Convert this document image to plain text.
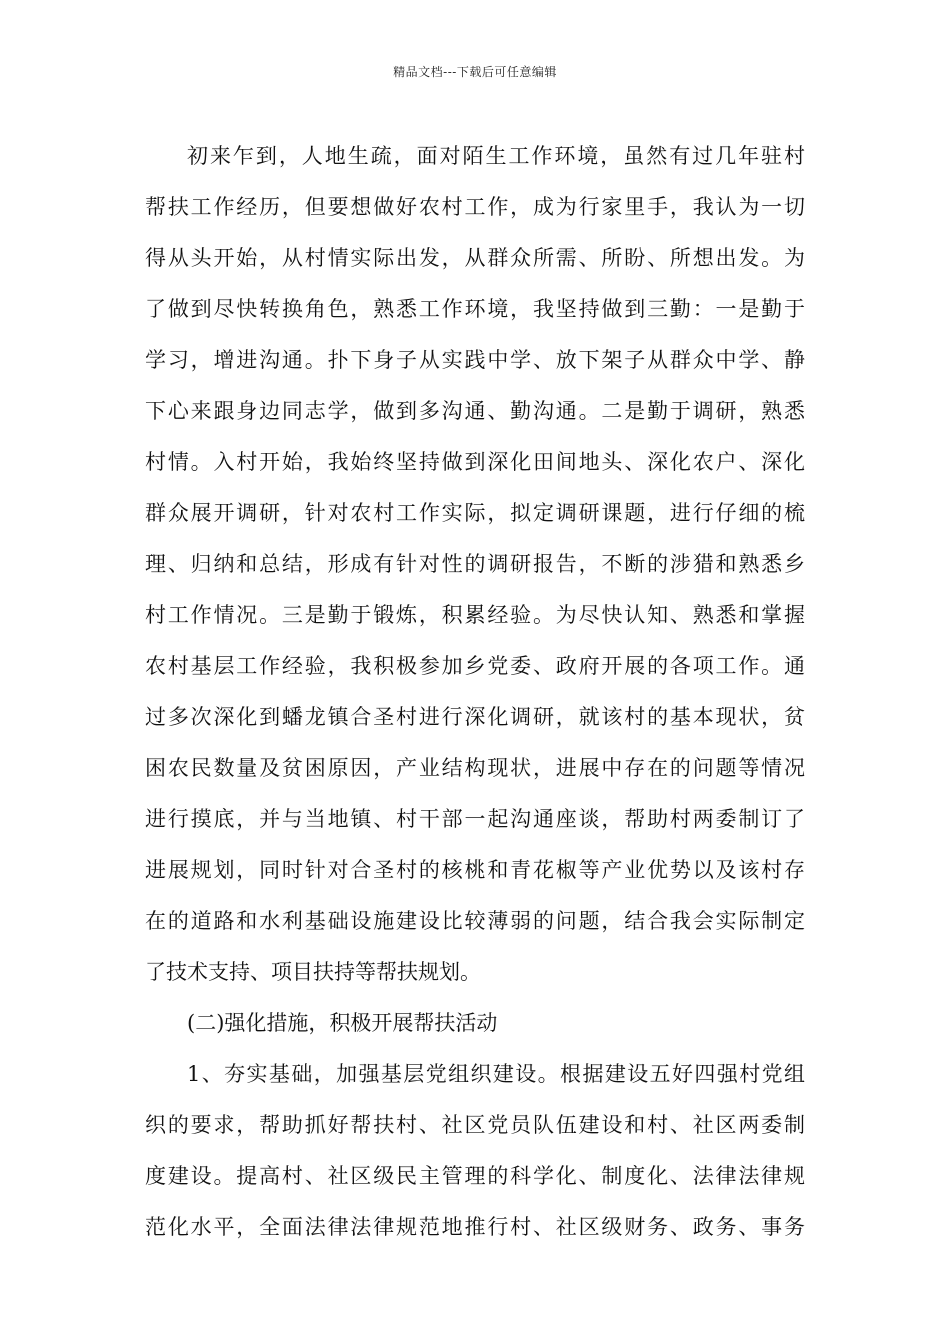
精品文档---下载后可任意编辑
初来乍到，人地生疏，面对陌生工作环境，虽然有过几年驻村
帮扶工作经历，但要想做好农村工作，成为行家里手，我认为一切
得从头开始，从村情实际出发，从群众所需、所盼、所想出发。为
了做到尽快转换角色，熟悉工作环境，我坚持做到三勤：一是勤于
学习，增进沟通。扑下身子从实践中学、放下架子从群众中学、静
下心来跟身边同志学，做到多沟通、勤沟通。二是勤于调研，熟悉
村情。入村开始，我始终坚持做到深化田间地头、深化农户、深化
群众展开调研，针对农村工作实际，拟定调研课题，进行仔细的梳
理、归纳和总结，形成有针对性的调研报告，不断的涉猎和熟悉乡
村工作情况。三是勤于锻炼，积累经验。为尽快认知、熟悉和掌握
农村基层工作经验，我积极参加乡党委、政府开展的各项工作。通
过多次深化到蟠龙镇合圣村进行深化调研，就该村的基本现状，贫
困农民数量及贫困原因，产业结构现状，进展中存在的问题等情况
进行摸底，并与当地镇、村干部一起沟通座谈，帮助村两委制订了
进展规划，同时针对合圣村的核桃和青花椒等产业优势以及该村存
在的道路和水利基础设施建设比较薄弱的问题，结合我会实际制定
了技术支持、项目扶持等帮扶规划。
(二)强化措施，积极开展帮扶活动
1、夯实基础，加强基层党组织建设。根据建设五好四强村党组
织的要求，帮助抓好帮扶村、社区党员队伍建设和村、社区两委制
度建设。提高村、社区级民主管理的科学化、制度化、法律法律规
范化水平，全面法律法律规范地推行村、社区级财务、政务、事务
